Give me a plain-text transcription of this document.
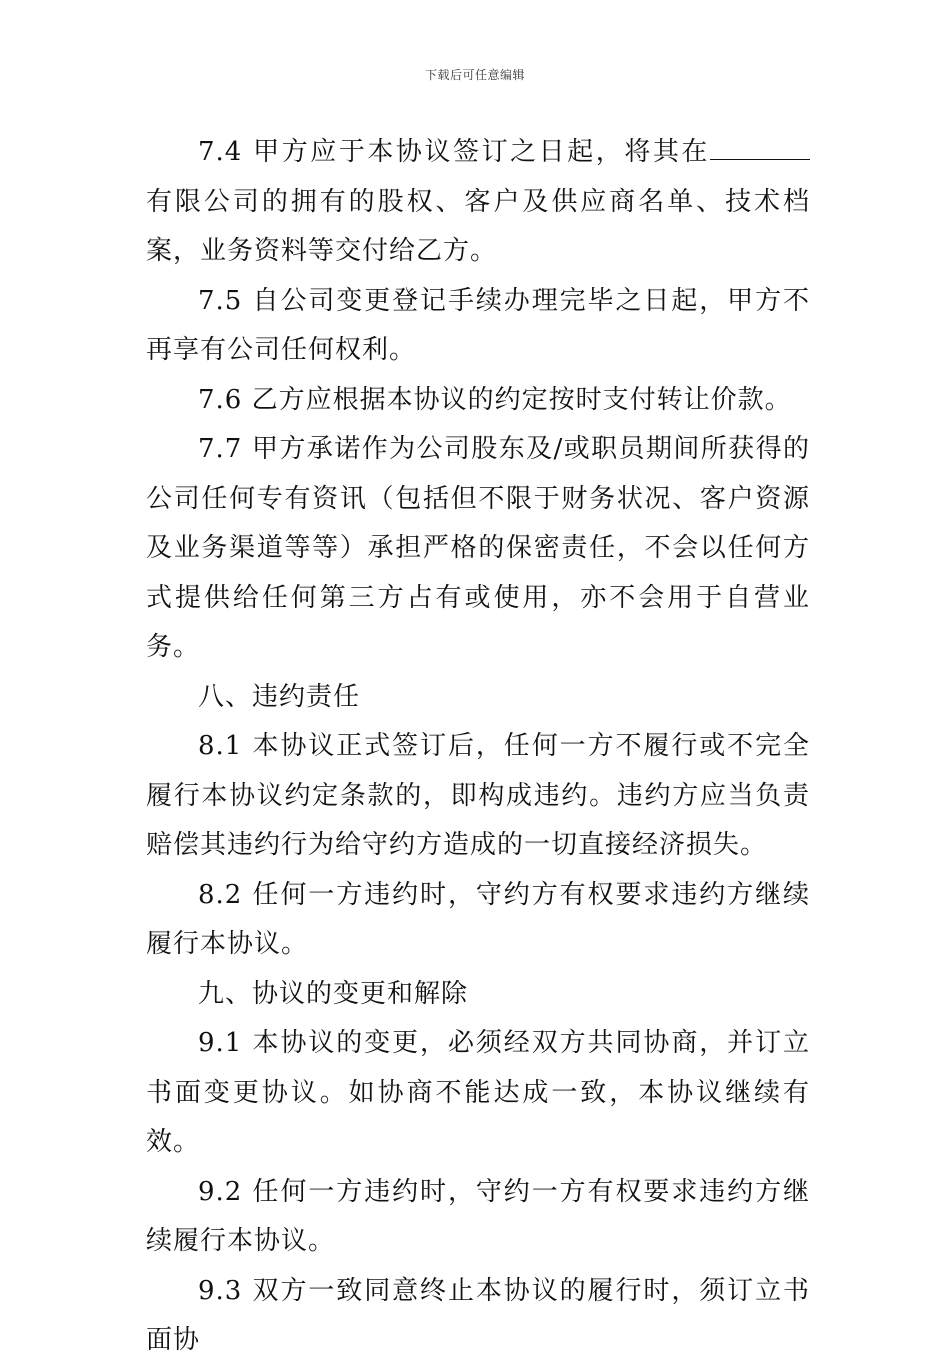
下载后可任意编辑

7.4 甲方应于本协议签订之日起，将其在有限公司的拥有的股权、客户及供应商名单、技术档案，业务资料等交付给乙方。

7.5 自公司变更登记手续办理完毕之日起，甲方不再享有公司任何权利。

7.6 乙方应根据本协议的约定按时支付转让价款。

7.7 甲方承诺作为公司股东及/或职员期间所获得的公司任何专有资讯（包括但不限于财务状况、客户资源及业务渠道等等）承担严格的保密责任，不会以任何方式提供给任何第三方占有或使用，亦不会用于自营业务。

八、违约责任

8.1 本协议正式签订后，任何一方不履行或不完全履行本协议约定条款的，即构成违约。违约方应当负责赔偿其违约行为给守约方造成的一切直接经济损失。

8.2 任何一方违约时，守约方有权要求违约方继续履行本协议。

九、协议的变更和解除

9.1 本协议的变更，必须经双方共同协商，并订立书面变更协议。如协商不能达成一致，本协议继续有效。

9.2 任何一方违约时，守约一方有权要求违约方继续履行本协议。

9.3 双方一致同意终止本协议的履行时，须订立书面协
